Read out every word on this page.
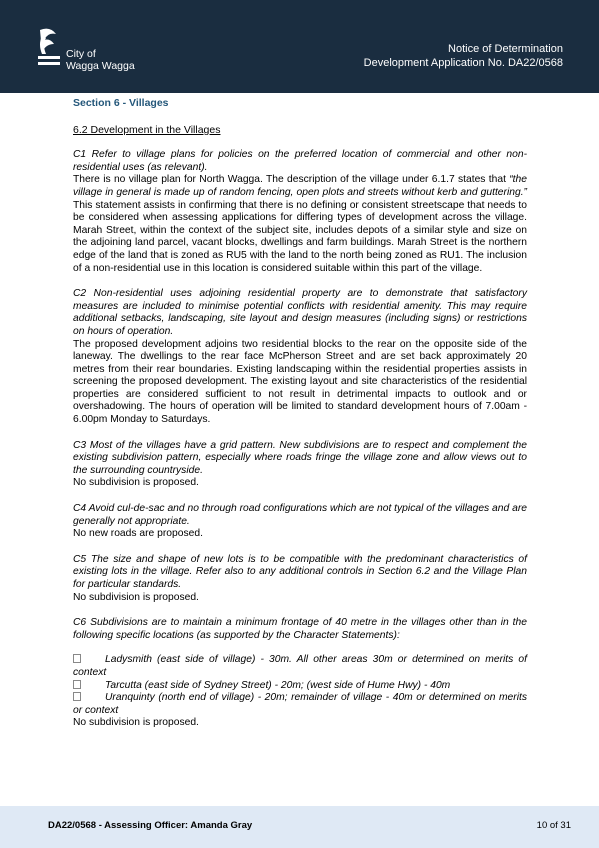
City of
Wagga Wagga
Notice of Determination
Development Application No. DA22/0568

Section 6 - Villages

6.2 Development in the Villages

C1 Refer to village plans for policies on the preferred location of commercial and other non-residential uses (as relevant).

There is no village plan for North Wagga. The description of the village under 6.1.7 states that “the village in general is made up of random fencing, open plots and streets without kerb and guttering.” This statement assists in confirming that there is no defining or consistent streetscape that needs to be considered when assessing applications for differing types of development across the village. Marah Street, within the context of the subject site, includes depots of a similar style and size on the adjoining land parcel, vacant blocks, dwellings and farm buildings. Marah Street is the northern edge of the land that is zoned as RU5 with the land to the north being zoned as RU1. The inclusion of a non-residential use in this location is considered suitable within this part of the village.

C2 Non-residential uses adjoining residential property are to demonstrate that satisfactory measures are included to minimise potential conflicts with residential amenity. This may require additional setbacks, landscaping, site layout and design measures (including signs) or restrictions on hours of operation.

The proposed development adjoins two residential blocks to the rear on the opposite side of the laneway. The dwellings to the rear face McPherson Street and are set back approximately 20 metres from their rear boundaries. Existing landscaping within the residential properties assists in screening the proposed development. The existing layout and site characteristics of the residential properties are considered sufficient to not result in detrimental impacts to outlook and or overshadowing. The hours of operation will be limited to standard development hours of 7.00am - 6.00pm Monday to Saturdays.

C3 Most of the villages have a grid pattern. New subdivisions are to respect and complement the existing subdivision pattern, especially where roads fringe the village zone and allow views out to the surrounding countryside.

No subdivision is proposed.

C4 Avoid cul-de-sac and no through road configurations which are not typical of the villages and are generally not appropriate.

No new roads are proposed.

C5 The size and shape of new lots is to be compatible with the predominant characteristics of existing lots in the village. Refer also to any additional controls in Section 6.2 and the Village Plan for particular standards.

No subdivision is proposed.

C6 Subdivisions are to maintain a minimum frontage of 40 metre in the villages other than in the following specific locations (as supported by the Character Statements):

Ladysmith (east side of village) - 30m. All other areas 30m or determined on merits of context

Tarcutta (east side of Sydney Street) - 20m; (west side of Hume Hwy) - 40m

Uranquinty (north end of village) - 20m; remainder of village - 40m or determined on merits or context

No subdivision is proposed.

DA22/0568 - Assessing Officer: Amanda Gray	10 of 31
